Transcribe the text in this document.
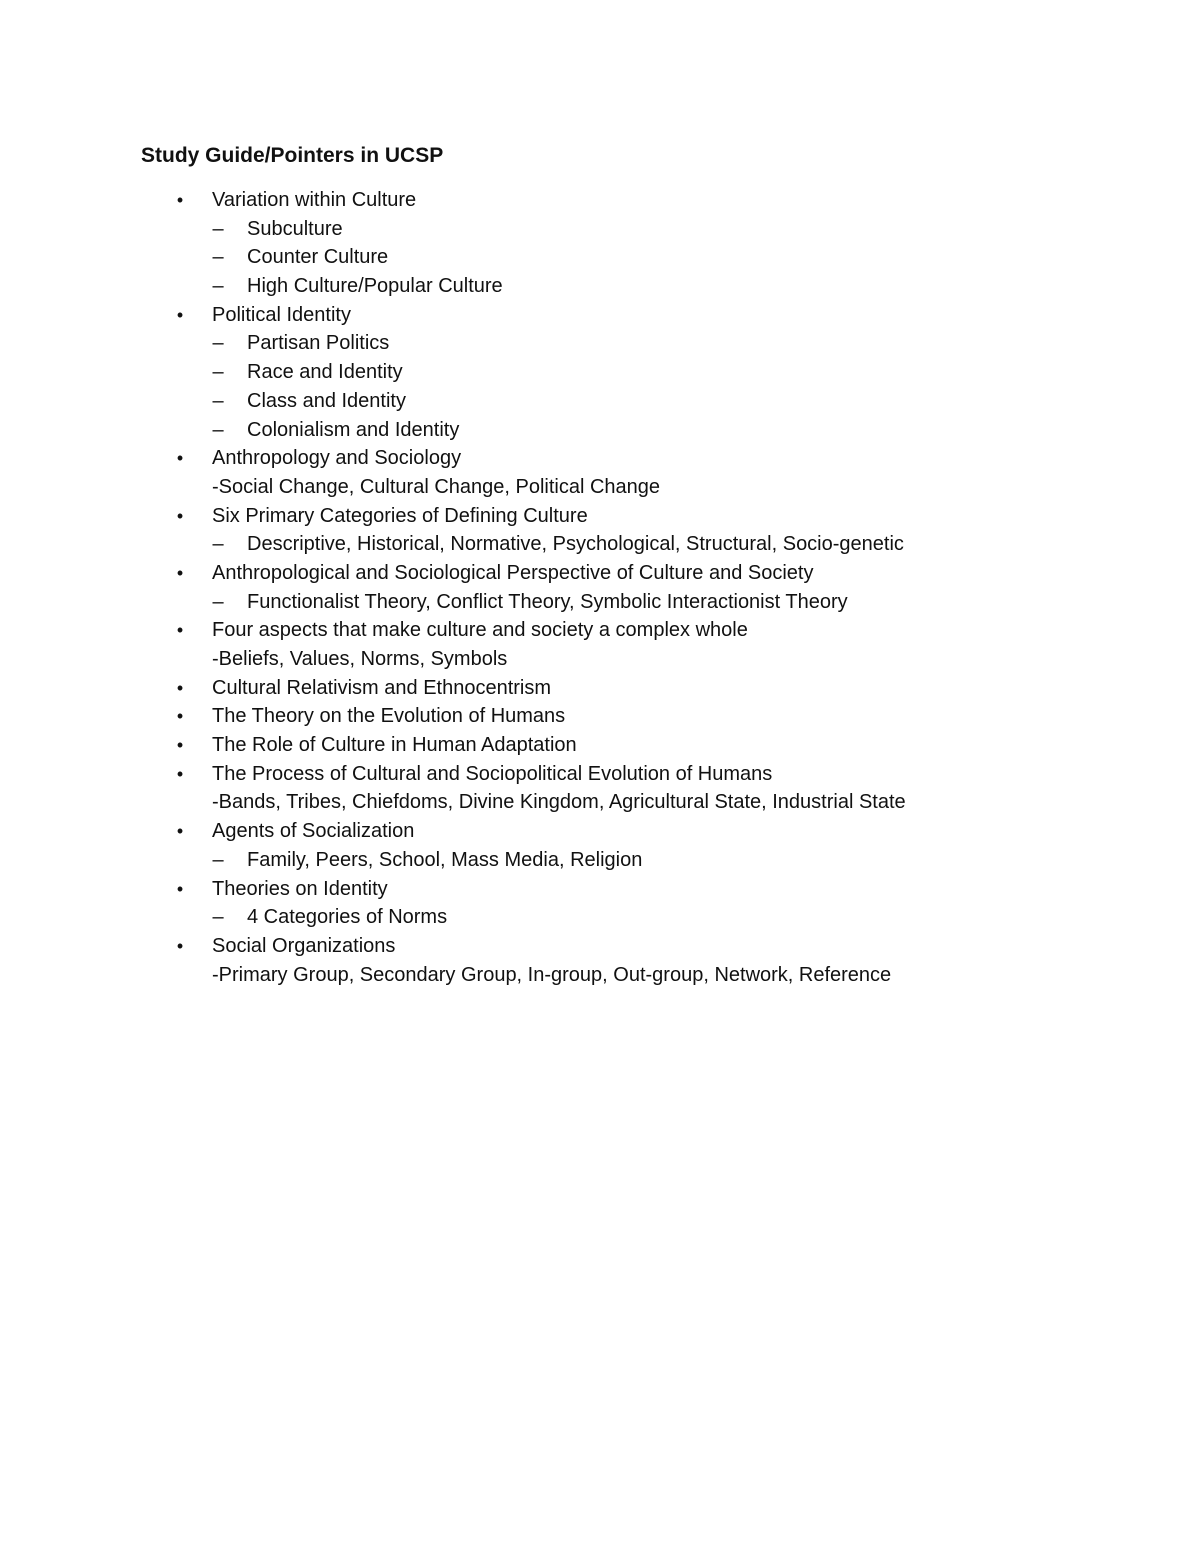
Study Guide/Pointers in UCSP
• Variation within Culture
– Subculture
– Counter Culture
– High Culture/Popular Culture
• Political Identity
– Partisan Politics
– Race and Identity
– Class and Identity
– Colonialism and Identity
• Anthropology and Sociology
-Social Change, Cultural Change, Political Change
• Six Primary Categories of Defining Culture
– Descriptive, Historical, Normative, Psychological, Structural, Socio-genetic
• Anthropological and Sociological Perspective of Culture and Society
– Functionalist Theory, Conflict Theory, Symbolic Interactionist Theory
• Four aspects that make culture and society a complex whole
-Beliefs, Values, Norms, Symbols
• Cultural Relativism and Ethnocentrism
• The Theory on the Evolution of Humans
• The Role of Culture in Human Adaptation
• The Process of Cultural and Sociopolitical Evolution of Humans
-Bands, Tribes, Chiefdoms, Divine Kingdom, Agricultural State, Industrial State
• Agents of Socialization
– Family, Peers, School, Mass Media, Religion
• Theories on Identity
– 4 Categories of Norms
• Social Organizations
-Primary Group, Secondary Group, In-group, Out-group, Network, Reference
